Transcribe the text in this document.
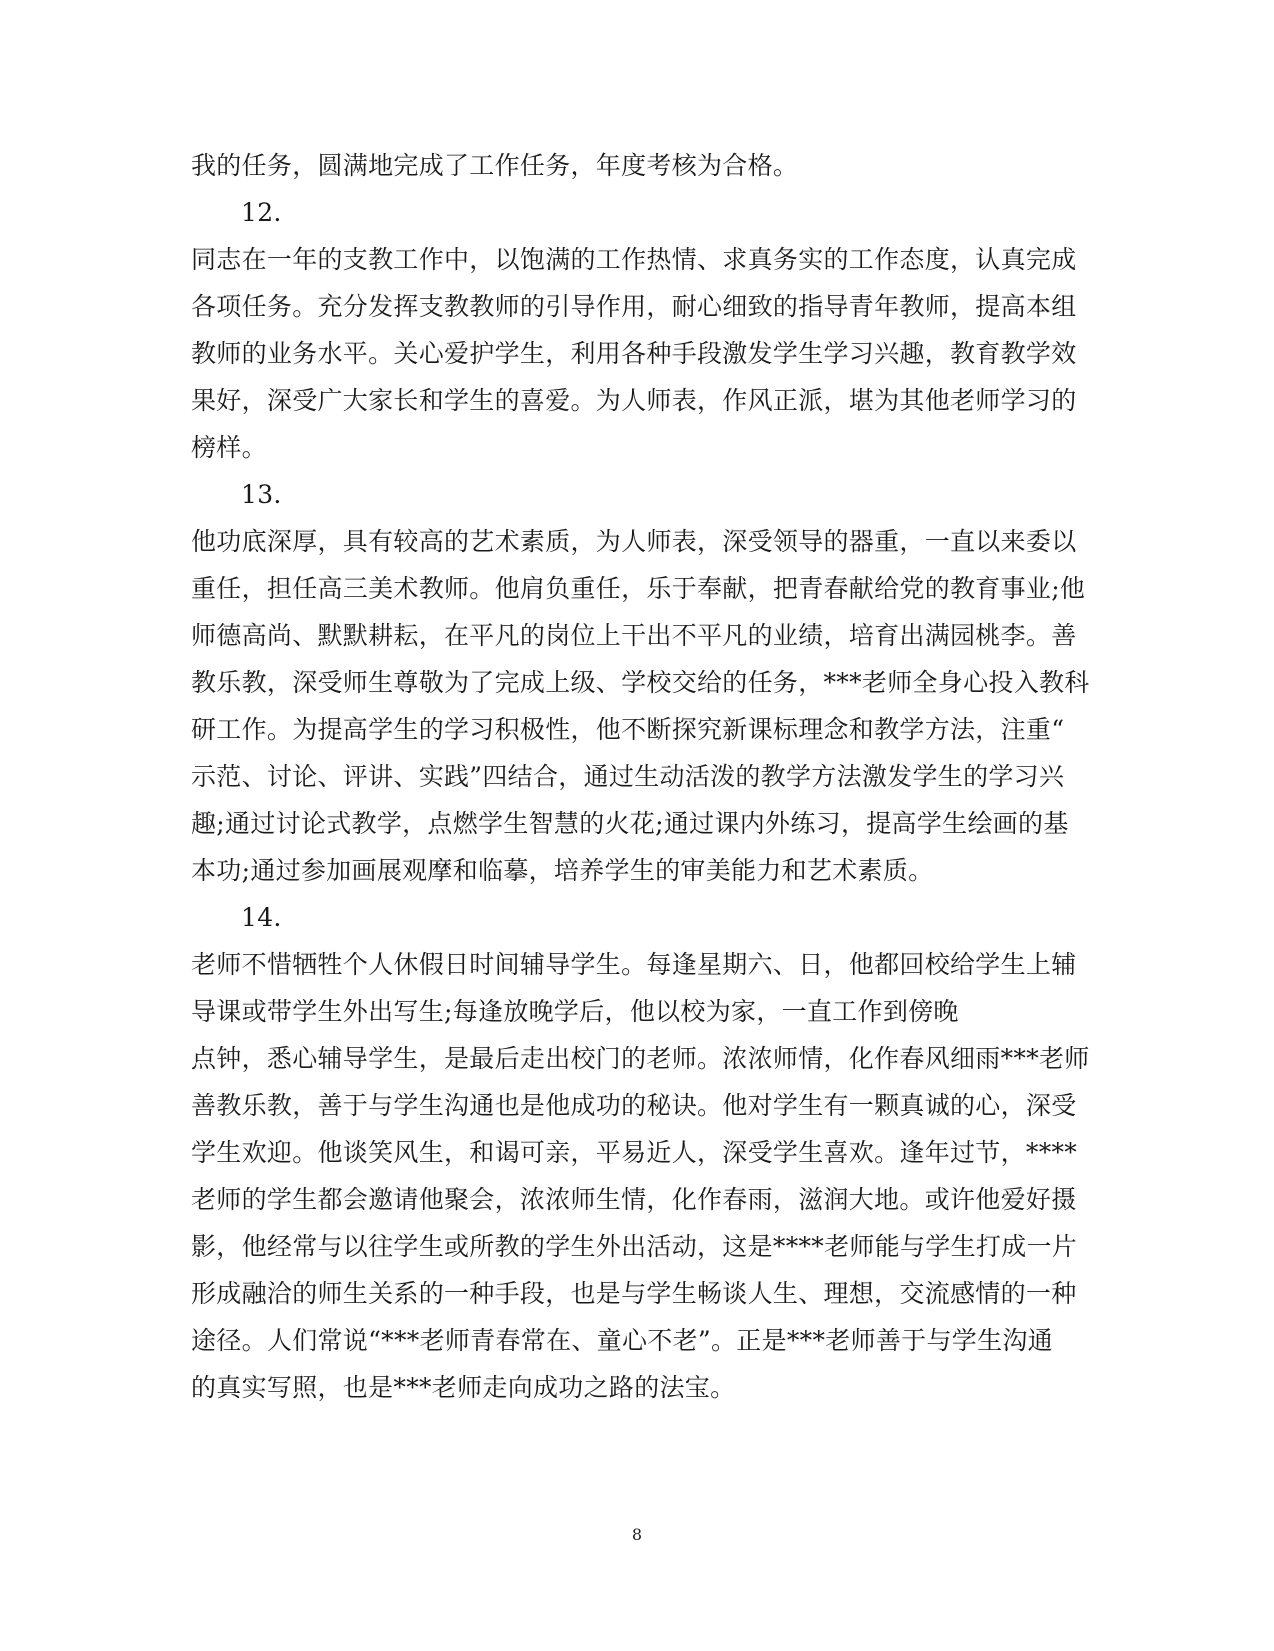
我的任务，圆满地完成了工作任务，年度考核为合格。
12.
同志在一年的支教工作中，以饱满的工作热情、求真务实的工作态度，认真完成
各项任务。充分发挥支教教师的引导作用，耐心细致的指导青年教师，提高本组
教师的业务水平。关心爱护学生，利用各种手段激发学生学习兴趣，教育教学效
果好，深受广大家长和学生的喜爱。为人师表，作风正派，堪为其他老师学习的
榜样。
13.
他功底深厚，具有较高的艺术素质，为人师表，深受领导的器重，一直以来委以
重任，担任高三美术教师。他肩负重任，乐于奉献，把青春献给党的教育事业;他
师德高尚、默默耕耘，在平凡的岗位上干出不平凡的业绩，培育出满园桃李。善
教乐教，深受师生尊敬为了完成上级、学校交给的任务，***老师全身心投入教科
研工作。为提高学生的学习积极性，他不断探究新课标理念和教学方法，注重“
示范、讨论、评讲、实践”四结合，通过生动活泼的教学方法激发学生的学习兴
趣;通过讨论式教学，点燃学生智慧的火花;通过课内外练习，提高学生绘画的基
本功;通过参加画展观摩和临摹，培养学生的审美能力和艺术素质。
14.
老师不惜牺牲个人休假日时间辅导学生。每逢星期六、日，他都回校给学生上辅
导课或带学生外出写生;每逢放晚学后，他以校为家，一直工作到傍晚
点钟，悉心辅导学生，是最后走出校门的老师。浓浓师情，化作春风细雨***老师
善教乐教，善于与学生沟通也是他成功的秘诀。他对学生有一颗真诚的心，深受
学生欢迎。他谈笑风生，和谒可亲，平易近人，深受学生喜欢。逢年过节，****
老师的学生都会邀请他聚会，浓浓师生情，化作春雨，滋润大地。或许他爱好摄
影，他经常与以往学生或所教的学生外出活动，这是****老师能与学生打成一片
形成融洽的师生关系的一种手段，也是与学生畅谈人生、理想，交流感情的一种
途径。人们常说“***老师青春常在、童心不老”。正是***老师善于与学生沟通
的真实写照，也是***老师走向成功之路的法宝。
8
